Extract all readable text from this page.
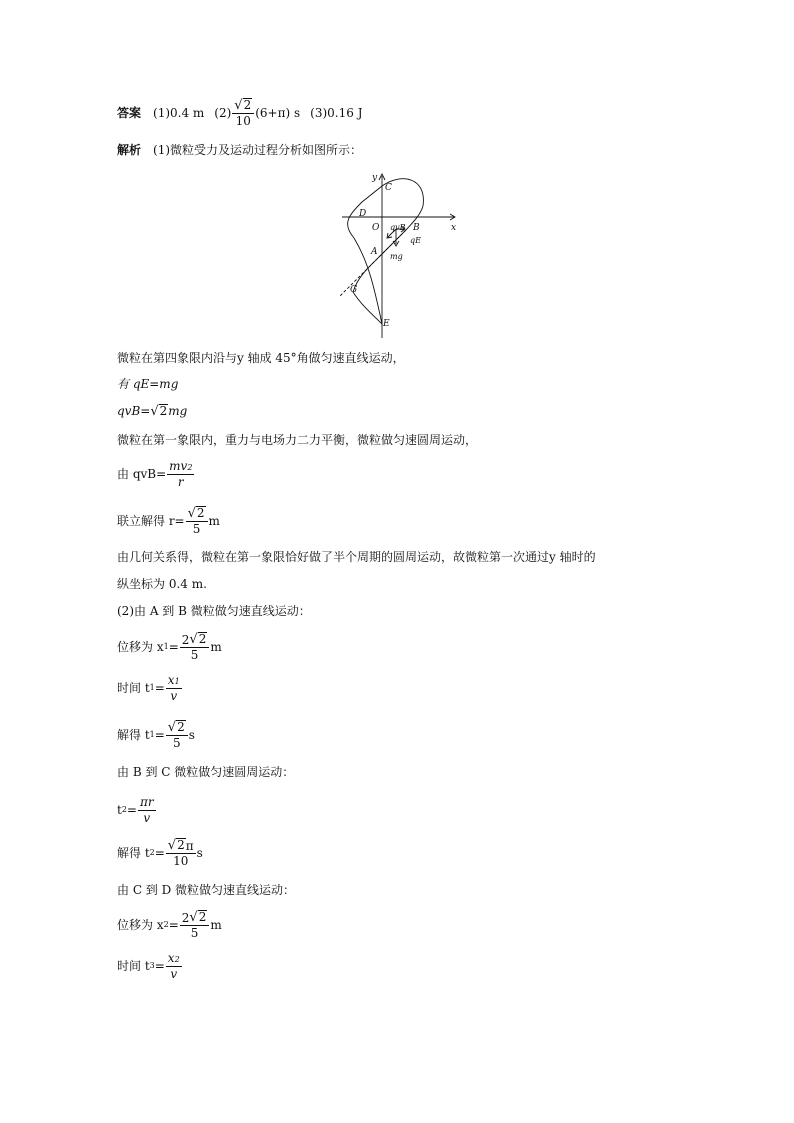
答案 (1)0.4 m $(2) \frac{√ 2}{10} (6+\pi)$ s (3)0.16 J
解析 (1)微粒受力及运动过程分析如图所示：
y
x
C
D
O qvB B
qE
A mg
G
E
微粒在第四象限内沿与y 轴成 45°角做匀速直线运动，
有 qE=mg
qvB= √ 2 mg
微粒在第一象限内，重力与电场力二力平衡，微粒做匀速圆周运动，
由 $qvB= \frac{mv 2}{r}$
联立解得 $r= \frac{√ 2}{5}$ m
由几何关系得，微粒在第一象限恰好做了半个周期的圆周运动，故微粒第一次通过y 轴时的
纵坐标为 0.4 m.
(2)由 A 到 B 微粒做匀速直线运动：
位移为 x $1 = \frac{2 √ 2}{5}$ m
时间 t $1 = \frac{x 1}{v}$
解得 t $1 = \frac{√ 2}{5}$ s
由 B 到 C 微粒做匀速圆周运动：
t $2 = \frac{\pi r}{v}$
解得 t $2 = \frac{√ 2 \pi}{10}$ s
由 C 到 D 微粒做匀速直线运动：
位移为 x $2 = \frac{2 √ 2}{5}$ m
时间 t $3 = \frac{x 2}{v}$
